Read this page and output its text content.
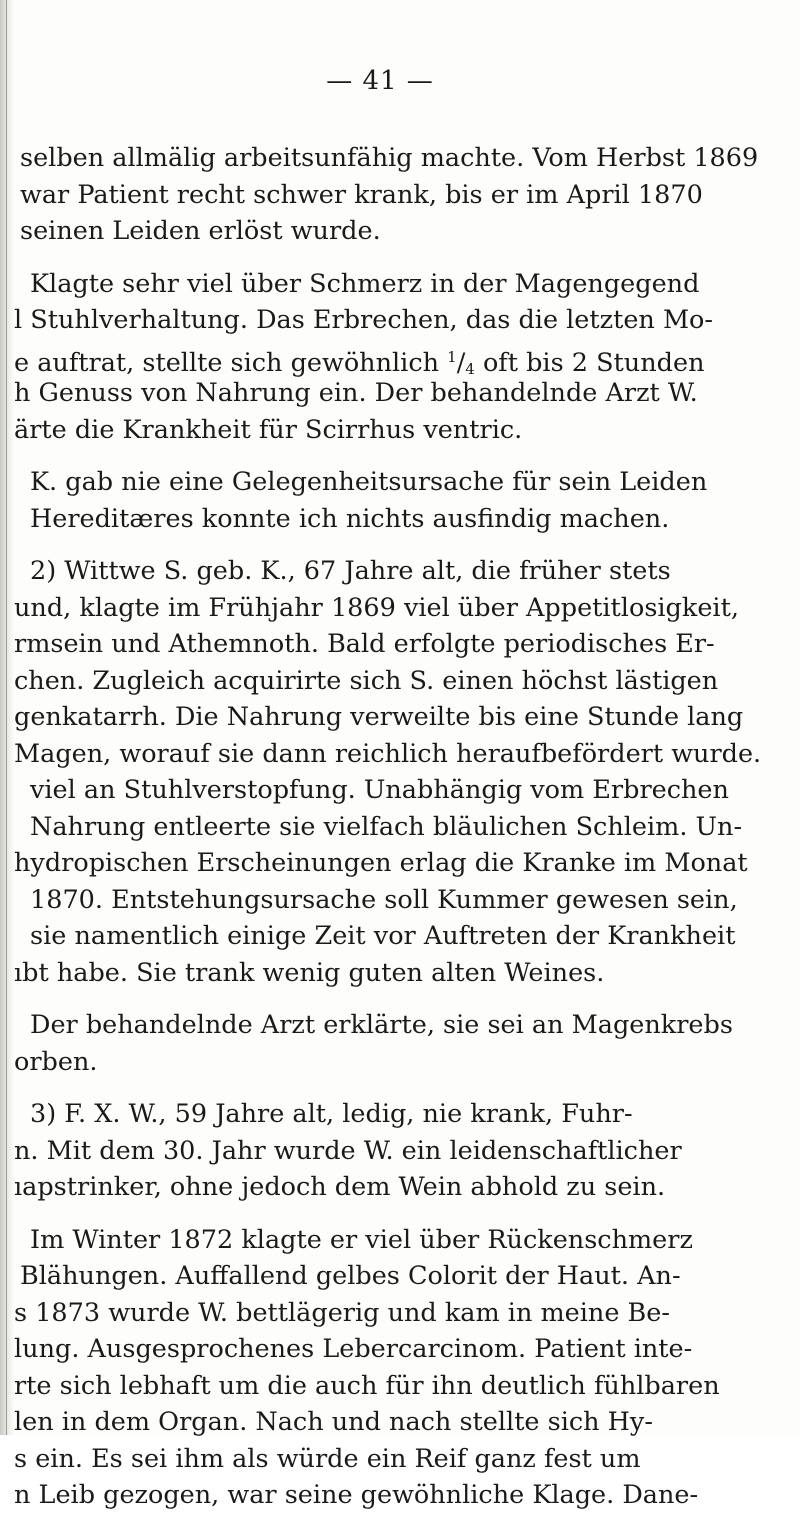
— 41 —
selben allmälig arbeitsunfähig machte. Vom Herbst 1869
war Patient recht schwer krank, bis er im April 1870
seinen Leiden erlöst wurde.
Klagte sehr viel über Schmerz in der Magengegend
l Stuhlverhaltung. Das Erbrechen, das die letzten Mo-
e auftrat, stellte sich gewöhnlich $^1/_4$ oft bis 2 Stunden
h Genuss von Nahrung ein. Der behandelnde Arzt W.
ärte die Krankheit für Scirrhus ventric.
K. gab nie eine Gelegenheitsursache für sein Leiden
Hereditæres konnte ich nichts ausfindig machen.
2) Wittwe S. geb. K., 67 Jahre alt, die früher stets
und, klagte im Frühjahr 1869 viel über Appetitlosigkeit,
rmsein und Athemnoth. Bald erfolgte periodisches Er-
chen. Zugleich acquirirte sich S. einen höchst lästigen
genkatarrh. Die Nahrung verweilte bis eine Stunde lang
Magen, worauf sie dann reichlich heraufbefördert wurde.
viel an Stuhlverstopfung. Unabhängig vom Erbrechen
Nahrung entleerte sie vielfach bläulichen Schleim. Un-
hydropischen Erscheinungen erlag die Kranke im Monat
1870. Entstehungsursache soll Kummer gewesen sein,
sie namentlich einige Zeit vor Auftreten der Krankheit
ıbt habe. Sie trank wenig guten alten Weines.
Der behandelnde Arzt erklärte, sie sei an Magenkrebs
orben.
3) F. X. W., 59 Jahre alt, ledig, nie krank, Fuhr-
n. Mit dem 30. Jahr wurde W. ein leidenschaftlicher
ıapstrinker, ohne jedoch dem Wein abhold zu sein.
Im Winter 1872 klagte er viel über Rückenschmerz
Blähungen. Auffallend gelbes Colorit der Haut. An-
s 1873 wurde W. bettlägerig und kam in meine Be-
lung. Ausgesprochenes Lebercarcinom. Patient inte-
rte sich lebhaft um die auch für ihn deutlich fühlbaren
len in dem Organ. Nach und nach stellte sich Hy-
s ein. Es sei ihm als würde ein Reif ganz fest um
n Leib gezogen, war seine gewöhnliche Klage. Dane-
